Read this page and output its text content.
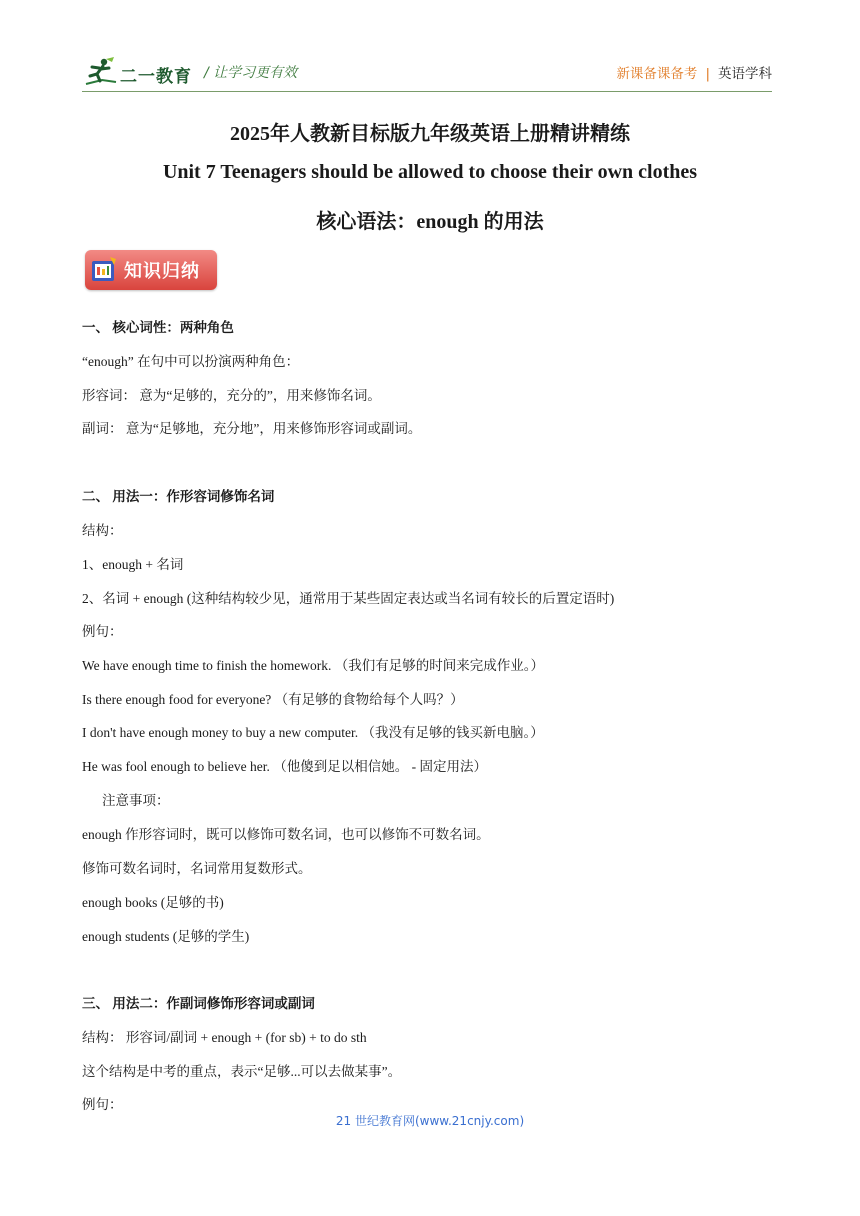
二一教育 / 让学习更有效	新课备课备考 | 英语学科
2025年人教新目标版九年级英语上册精讲精练
Unit 7 Teenagers should be allowed to choose their own clothes
核心语法：enough 的用法
知识归纳
一、 核心词性：两种角色
“enough” 在句中可以扮演两种角色：
形容词： 意为“足够的，充分的”，用来修饰名词。
副词： 意为“足够地，充分地”，用来修饰形容词或副词。
二、 用法一：作形容词修饰名词
结构：
1、enough + 名词
2、名词 + enough (这种结构较少见，通常用于某些固定表达或当名词有较长的后置定语时)
例句：
We have enough time to finish the homework. （我们有足够的时间来完成作业。）
Is there enough food for everyone? （有足够的食物给每个人吗？）
I don't have enough money to buy a new computer. （我没有足够的钱买新电脑。）
He was fool enough to believe her. （他傻到足以相信她。 - 固定用法）
注意事项：
enough 作形容词时，既可以修饰可数名词，也可以修饰不可数名词。
修饰可数名词时，名词常用复数形式。
enough books (足够的书)
enough students (足够的学生)
三、 用法二：作副词修饰形容词或副词
结构： 形容词/副词 + enough + (for sb) + to do sth
这个结构是中考的重点，表示“足够...可以去做某事”。
例句：
21 世纪教育网(www.21cnjy.com)
